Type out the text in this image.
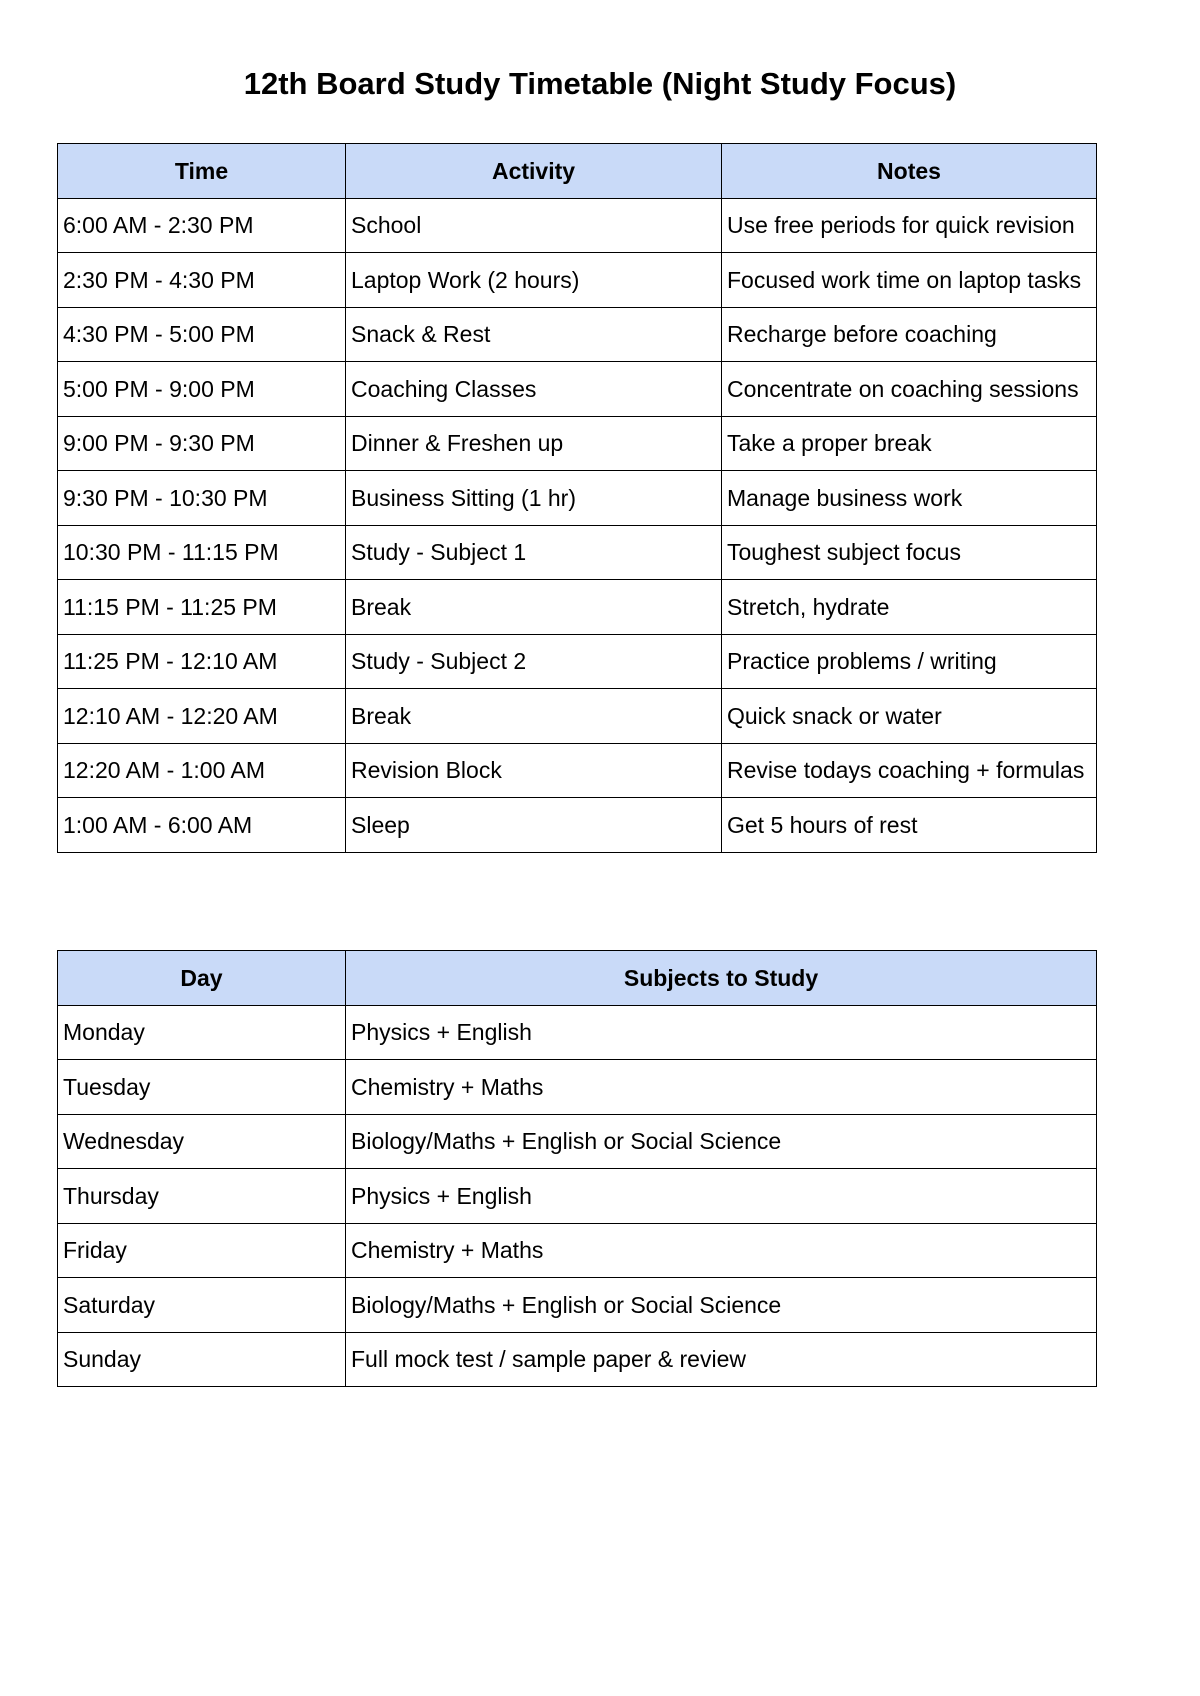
12th Board Study Timetable (Night Study Focus)
Time	Activity	Notes
6:00 AM - 2:30 PM	School	Use free periods for quick revision
2:30 PM - 4:30 PM	Laptop Work (2 hours)	Focused work time on laptop tasks
4:30 PM - 5:00 PM	Snack & Rest	Recharge before coaching
5:00 PM - 9:00 PM	Coaching Classes	Concentrate on coaching sessions
9:00 PM - 9:30 PM	Dinner & Freshen up	Take a proper break
9:30 PM - 10:30 PM	Business Sitting (1 hr)	Manage business work
10:30 PM - 11:15 PM	Study - Subject 1	Toughest subject focus
11:15 PM - 11:25 PM	Break	Stretch, hydrate
11:25 PM - 12:10 AM	Study - Subject 2	Practice problems / writing
12:10 AM - 12:20 AM	Break	Quick snack or water
12:20 AM - 1:00 AM	Revision Block	Revise todays coaching + formulas
1:00 AM - 6:00 AM	Sleep	Get 5 hours of rest
Day	Subjects to Study
Monday	Physics + English
Tuesday	Chemistry + Maths
Wednesday	Biology/Maths + English or Social Science
Thursday	Physics + English
Friday	Chemistry + Maths
Saturday	Biology/Maths + English or Social Science
Sunday	Full mock test / sample paper & review
